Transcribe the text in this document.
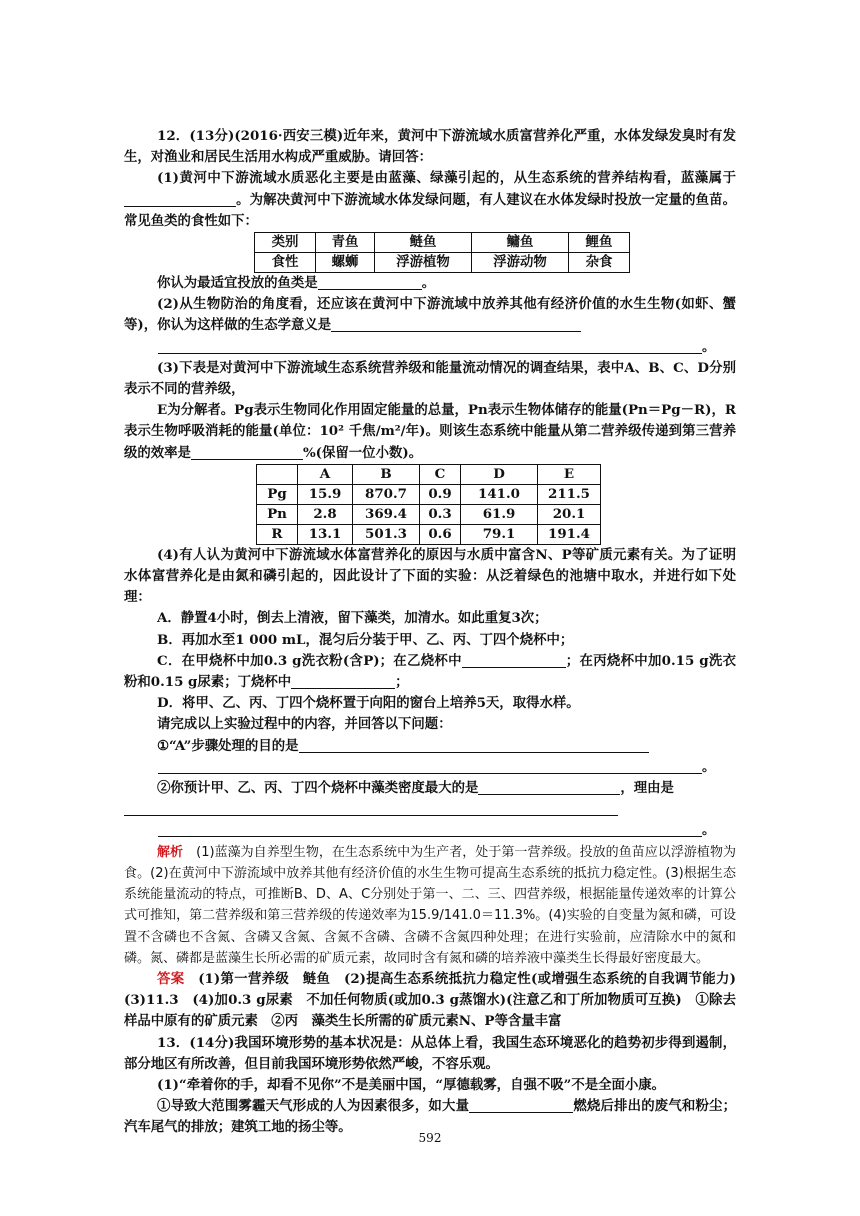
12．(13分)(2016·西安三模)近年来，黄河中下游流域水质富营养化严重，水体发绿发臭时有发生，对渔业和居民生活用水构成严重威胁。请回答：

(1)黄河中下游流域水质恶化主要是由蓝藻、绿藻引起的，从生态系统的营养结构看，蓝藻属于。为解决黄河中下游流域水体发绿问题，有人建议在水体发绿时投放一定量的鱼苗。常见鱼类的食性如下：

类别	青鱼	鲢鱼	鳙鱼	鲤鱼
食性	螺蛳	浮游植物	浮游动物	杂食

你认为最适宜投放的鱼类是	。

(2)从生物防治的角度看，还应该在黄河中下游流域中放养其他有经济价值的水生生物(如虾、蟹等)，你认为这样做的生态学意义是

。

(3)下表是对黄河中下游流域生态系统营养级和能量流动情况的调查结果，表中A、B、C、D分别表示不同的营养级，

E为分解者。Pg表示生物同化作用固定能量的总量，Pn表示生物体储存的能量(Pn＝Pg－R)，R表示生物呼吸消耗的能量(单位：10² 千焦/m²/年)。则该生态系统中能量从第二营养级传递到第三营养级的效率是	%(保留一位小数)。

	A	B	C	D	E
Pg	15.9	870.7	0.9	141.0	211.5
Pn	2.8	369.4	0.3	61.9	20.1
R	13.1	501.3	0.6	79.1	191.4

(4)有人认为黄河中下游流域水体富营养化的原因与水质中富含N、P等矿质元素有关。为了证明水体富营养化是由氮和磷引起的，因此设计了下面的实验：从泛着绿色的池塘中取水，并进行如下处理：

A．静置4小时，倒去上清液，留下藻类，加清水。如此重复3次；

B．再加水至1 000 mL，混匀后分装于甲、乙、丙、丁四个烧杯中；

C．在甲烧杯中加0.3 g洗衣粉(含P)；在乙烧杯中	；在丙烧杯中加0.15 g洗衣粉和0.15 g尿素；丁烧杯中	；

D．将甲、乙、丙、丁四个烧杯置于向阳的窗台上培养5天，取得水样。

请完成以上实验过程中的内容，并回答以下问题：

①“A”步骤处理的目的是

。

②你预计甲、乙、丙、丁四个烧杯中藻类密度最大的是	，理由是

。

解析　 (1)蓝藻为自养型生物，在生态系统中为生产者，处于第一营养级。投放的鱼苗应以浮游植物为食。(2)在黄河中下游流域中放养其他有经济价值的水生生物可提高生态系统的抵抗力稳定性。(3)根据生态系统能量流动的特点，可推断B、D、A、C分别处于第一、二、三、四营养级，根据能量传递效率的计算公式可推知，第二营养级和第三营养级的传递效率为15.9/141.0＝11.3%。(4)实验的自变量为氮和磷，可设置不含磷也不含氮、含磷又含氮、含氮不含磷、含磷不含氮四种处理；在进行实验前，应清除水中的氮和磷。氮、磷都是蓝藻生长所必需的矿质元素，故同时含有氮和磷的培养液中藻类生长得最好密度最大。

答案　 (1)第一营养级　鲢鱼　(2)提高生态系统抵抗力稳定性(或增强生态系统的自我调节能力)　(3)11.3　(4)加0.3 g尿素　不加任何物质(或加0.3 g蒸馏水)(注意乙和丁所加物质可互换)　①除去样品中原有的矿质元素　②丙　藻类生长所需的矿质元素N、P等含量丰富

13．(14分)我国环境形势的基本状况是：从总体上看，我国生态环境恶化的趋势初步得到遏制，部分地区有所改善，但目前我国环境形势依然严峻，不容乐观。

(1)“牵着你的手，却看不见你”不是美丽中国，“厚德载雾，自强不吸”不是全面小康。

①导致大范围雾霾天气形成的人为因素很多，如大量	燃烧后排出的废气和粉尘；汽车尾气的排放；建筑工地的扬尘等。

592
